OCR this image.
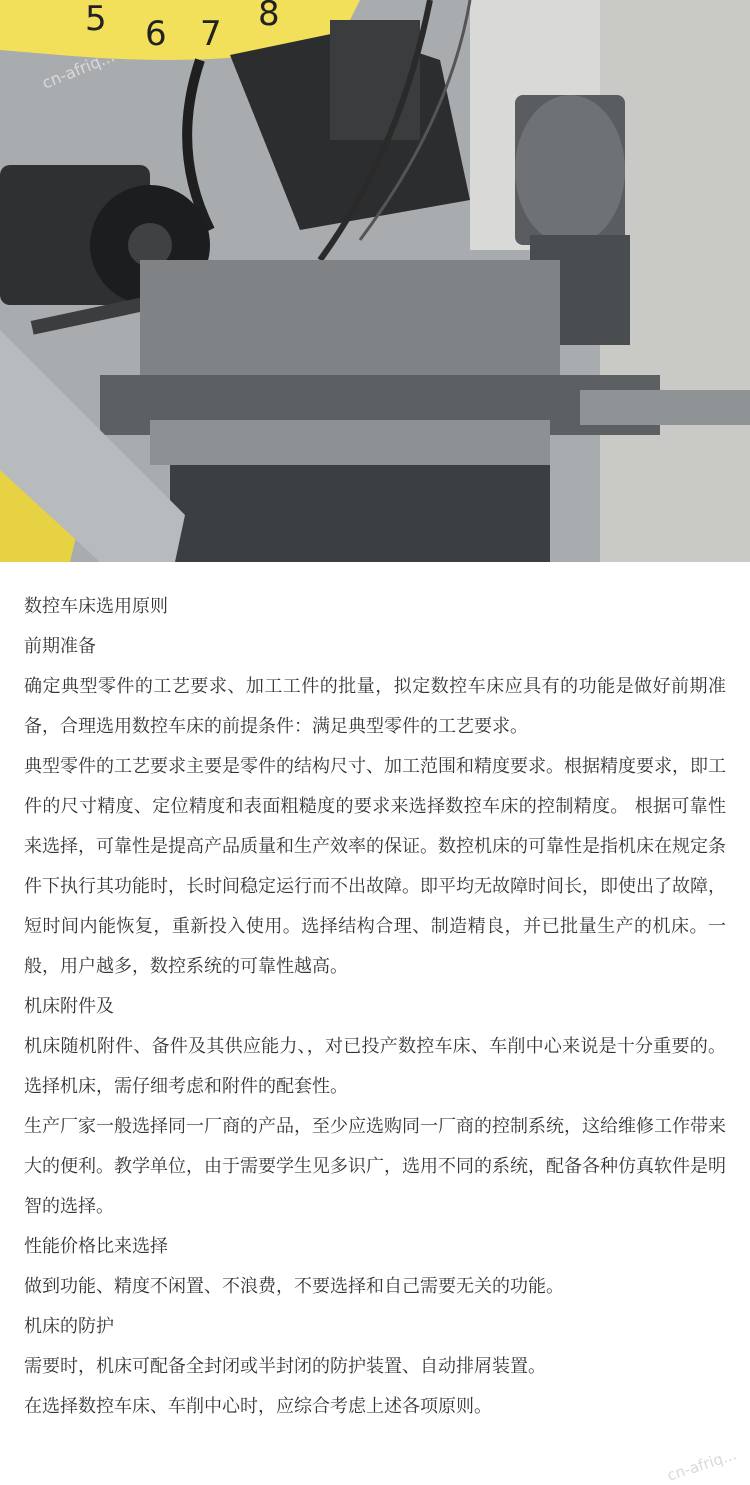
5 6 7 8
cn-afriq...

数控车床选用原则

前期准备

确定典型零件的工艺要求、加工工件的批量，拟定数控车床应具有的功能是做好前期准备，合理选用数控车床的前提条件：满足典型零件的工艺要求。

典型零件的工艺要求主要是零件的结构尺寸、加工范围和精度要求。根据精度要求，即工件的尺寸精度、定位精度和表面粗糙度的要求来选择数控车床的控制精度。 根据可靠性来选择，可靠性是提高产品质量和生产效率的保证。数控机床的可靠性是指机床在规定条件下执行其功能时，长时间稳定运行而不出故障。即平均无故障时间长，即使出了故障，短时间内能恢复，重新投入使用。选择结构合理、制造精良，并已批量生产的机床。一般，用户越多，数控系统的可靠性越高。

机床附件及

机床随机附件、备件及其供应能力、，对已投产数控车床、车削中心来说是十分重要的。选择机床，需仔细考虑和附件的配套性。

生产厂家一般选择同一厂商的产品，至少应选购同一厂商的控制系统，这给维修工作带来大的便利。教学单位，由于需要学生见多识广，选用不同的系统，配备各种仿真软件是明智的选择。

性能价格比来选择

做到功能、精度不闲置、不浪费，不要选择和自己需要无关的功能。

机床的防护

需要时，机床可配备全封闭或半封闭的防护装置、自动排屑装置。

在选择数控车床、车削中心时，应综合考虑上述各项原则。

cn-afriq...
